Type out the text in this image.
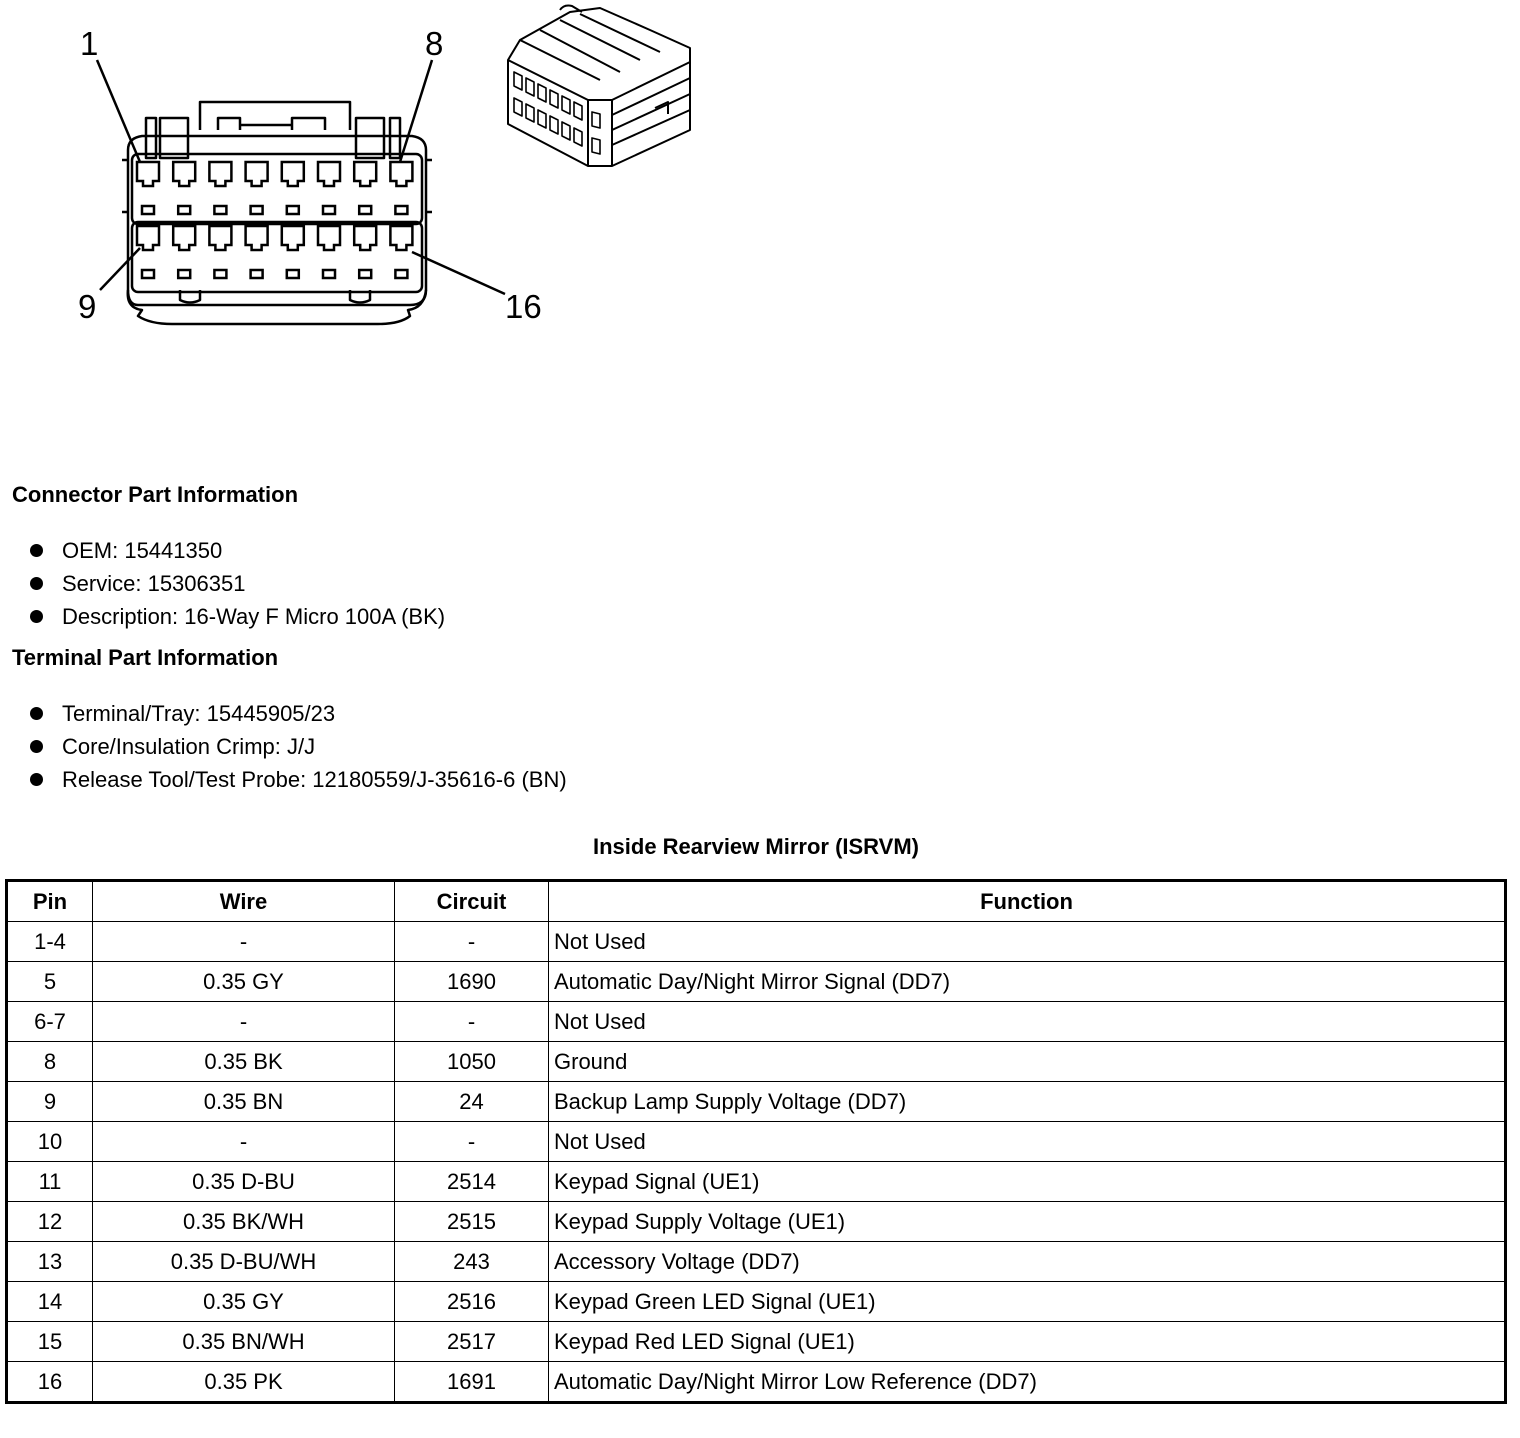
1	8
9	16
Connector Part Information
OEM: 15441350
Service: 15306351
Description: 16-Way F Micro 100A (BK)
Terminal Part Information
Terminal/Tray: 15445905/23
Core/Insulation Crimp: J/J
Release Tool/Test Probe: 12180559/J-35616-6 (BN)
Inside Rearview Mirror (ISRVM)
Pin	Wire	Circuit	Function
1-4	-	-	Not Used
5	0.35 GY	1690	Automatic Day/Night Mirror Signal (DD7)
6-7	-	-	Not Used
8	0.35 BK	1050	Ground
9	0.35 BN	24	Backup Lamp Supply Voltage (DD7)
10	-	-	Not Used
11	0.35 D-BU	2514	Keypad Signal (UE1)
12	0.35 BK/WH	2515	Keypad Supply Voltage (UE1)
13	0.35 D-BU/WH	243	Accessory Voltage (DD7)
14	0.35 GY	2516	Keypad Green LED Signal (UE1)
15	0.35 BN/WH	2517	Keypad Red LED Signal (UE1)
16	0.35 PK	1691	Automatic Day/Night Mirror Low Reference (DD7)
